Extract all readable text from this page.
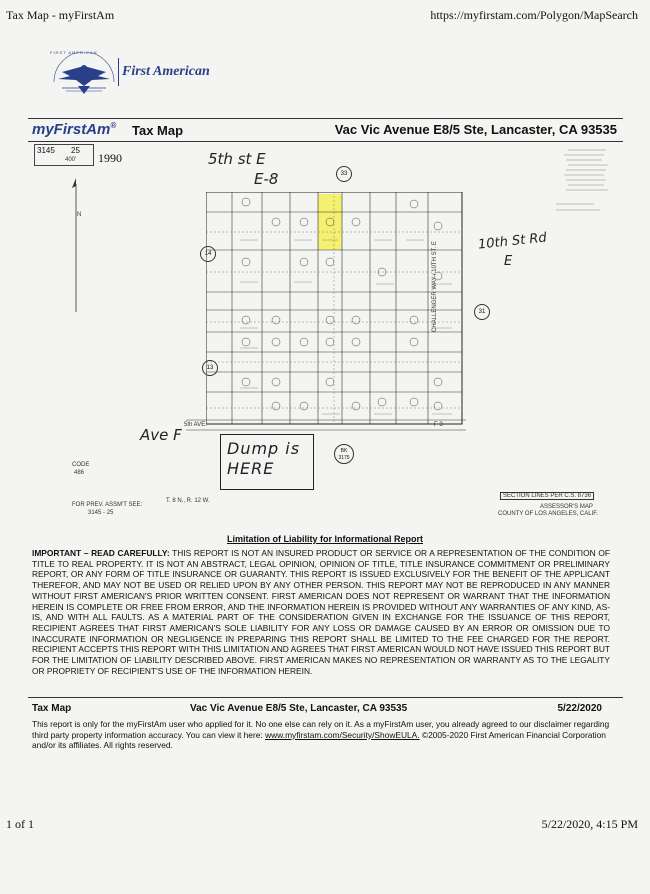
Tax Map - myFirstAm	https://myfirstam.com/Polygon/MapSearch
FIRST AMERICAN
First American
myFirstAm® Tax Map	Vac Vic Avenue E8/5 Ste, Lancaster, CA 93535
3145 25
400' 1990
N
5th AVE.	F 3
CHALLENGER WAY / 10TH ST. E
33
14
13
31
5th st E
E-8
10th St Rd
E
Ave F
Dump is HERE
BK
3175
CODE
486
FOR PREV. ASSM'T SEE:
3145 - 25
T. 8 N., R. 12 W.
SECTION LINES PER C.S. 8736
ASSESSOR'S MAP
COUNTY OF LOS ANGELES, CALIF.
Limitation of Liability for Informational Report
IMPORTANT – READ CAREFULLY: THIS REPORT IS NOT AN INSURED PRODUCT OR SERVICE OR A REPRESENTATION OF THE CONDITION OF TITLE TO REAL PROPERTY. IT IS NOT AN ABSTRACT, LEGAL OPINION, OPINION OF TITLE, TITLE INSURANCE COMMITMENT OR PRELIMINARY REPORT, OR ANY FORM OF TITLE INSURANCE OR GUARANTY. THIS REPORT IS ISSUED EXCLUSIVELY FOR THE BENEFIT OF THE APPLICANT THEREFOR, AND MAY NOT BE USED OR RELIED UPON BY ANY OTHER PERSON. THIS REPORT MAY NOT BE REPRODUCED IN ANY MANNER WITHOUT FIRST AMERICAN'S PRIOR WRITTEN CONSENT. FIRST AMERICAN DOES NOT REPRESENT OR WARRANT THAT THE INFORMATION HEREIN IS COMPLETE OR FREE FROM ERROR, AND THE INFORMATION HEREIN IS PROVIDED WITHOUT ANY WARRANTIES OF ANY KIND, AS-IS, AND WITH ALL FAULTS. AS A MATERIAL PART OF THE CONSIDERATION GIVEN IN EXCHANGE FOR THE ISSUANCE OF THIS REPORT, RECIPIENT AGREES THAT FIRST AMERICAN'S SOLE LIABILITY FOR ANY LOSS OR DAMAGE CAUSED BY AN ERROR OR OMISSION DUE TO INACCURATE INFORMATION OR NEGLIGENCE IN PREPARING THIS REPORT SHALL BE LIMITED TO THE FEE CHARGED FOR THE REPORT. RECIPIENT ACCEPTS THIS REPORT WITH THIS LIMITATION AND AGREES THAT FIRST AMERICAN WOULD NOT HAVE ISSUED THIS REPORT BUT FOR THE LIMITATION OF LIABILITY DESCRIBED ABOVE. FIRST AMERICAN MAKES NO REPRESENTATION OR WARRANTY AS TO THE LEGALITY OR PROPRIETY OF RECIPIENT'S USE OF THE INFORMATION HEREIN.
Tax Map	Vac Vic Avenue E8/5 Ste, Lancaster, CA 93535	5/22/2020
This report is only for the myFirstAm user who applied for it. No one else can rely on it. As a myFirstAm user, you already agreed to our disclaimer regarding third party property information accuracy. You can view it here: www.myfirstam.com/Security/ShowEULA. ©2005-2020 First American Financial Corporation and/or its affiliates. All rights reserved.
1 of 1	5/22/2020, 4:15 PM
